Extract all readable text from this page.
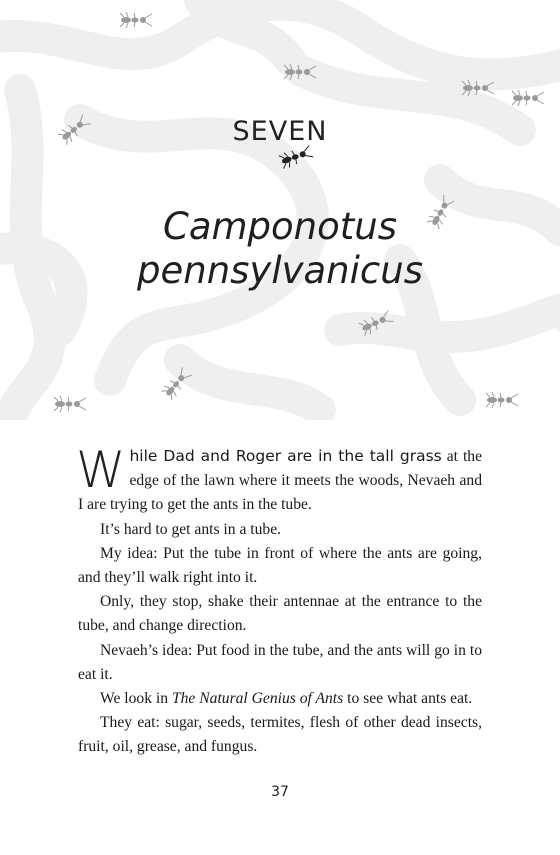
SEVEN
Camponotus
pennsylvanicus

While Dad and Roger are in the tall grass at the edge of the lawn where it meets the woods, Nevaeh and I are trying to get the ants in the tube.

It’s hard to get ants in a tube.

My idea: Put the tube in front of where the ants are going, and they’ll walk right into it.

Only, they stop, shake their antennae at the entrance to the tube, and change direction.

Nevaeh’s idea: Put food in the tube, and the ants will go in to eat it.

We look in The Natural Genius of Ants to see what ants eat.

They eat: sugar, seeds, termites, flesh of other dead insects, fruit, oil, grease, and fungus.

37
